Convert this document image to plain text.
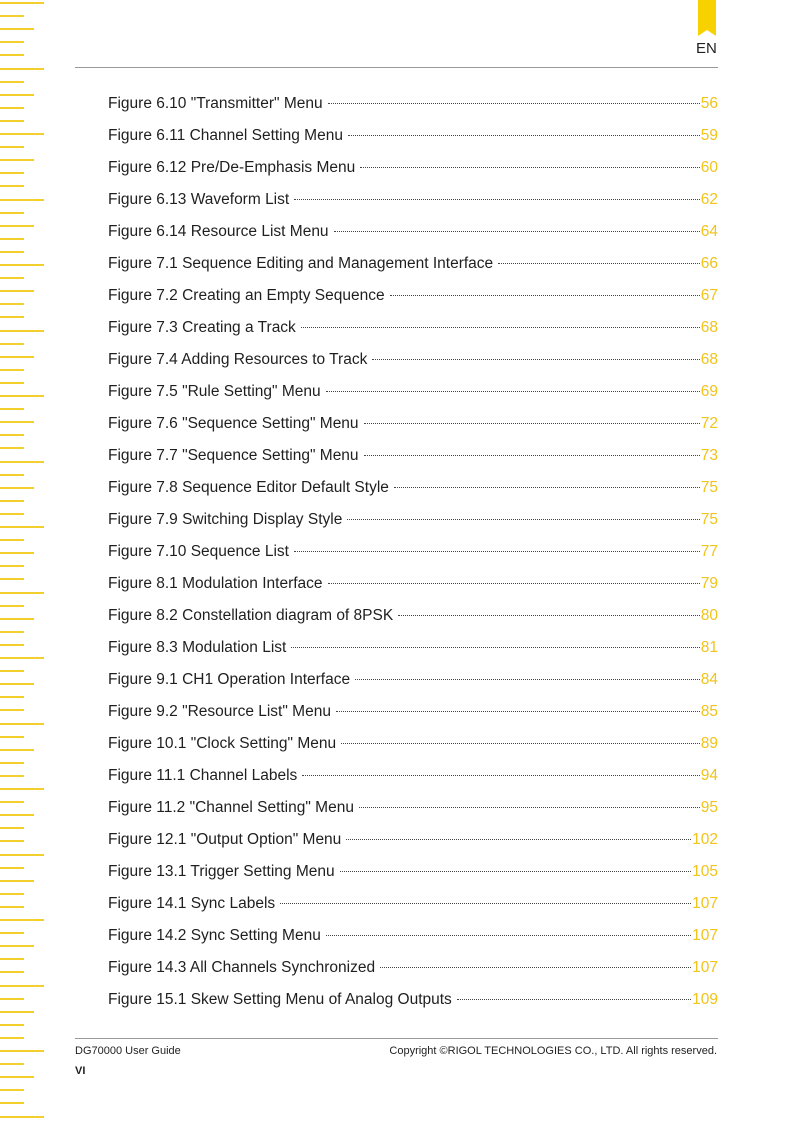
EN
Figure 6.10 "Transmitter" Menu	56
Figure 6.11 Channel Setting Menu	59
Figure 6.12 Pre/De-Emphasis Menu	60
Figure 6.13 Waveform List	62
Figure 6.14 Resource List Menu	64
Figure 7.1 Sequence Editing and Management Interface	66
Figure 7.2 Creating an Empty Sequence	67
Figure 7.3 Creating a Track	68
Figure 7.4 Adding Resources to Track	68
Figure 7.5 "Rule Setting" Menu	69
Figure 7.6 "Sequence Setting" Menu	72
Figure 7.7 "Sequence Setting" Menu	73
Figure 7.8 Sequence Editor Default Style	75
Figure 7.9 Switching Display Style	75
Figure 7.10 Sequence List	77
Figure 8.1 Modulation Interface	79
Figure 8.2 Constellation diagram of 8PSK	80
Figure 8.3 Modulation List	81
Figure 9.1 CH1 Operation Interface	84
Figure 9.2 "Resource List" Menu	85
Figure 10.1 "Clock Setting" Menu	89
Figure 11.1 Channel Labels	94
Figure 11.2 "Channel Setting" Menu	95
Figure 12.1 "Output Option" Menu	102
Figure 13.1 Trigger Setting Menu	105
Figure 14.1 Sync Labels	107
Figure 14.2 Sync Setting Menu	107
Figure 14.3 All Channels Synchronized	107
Figure 15.1 Skew Setting Menu of Analog Outputs	109
DG70000 User Guide	Copyright ©RIGOL TECHNOLOGIES CO., LTD. All rights reserved.
VI
